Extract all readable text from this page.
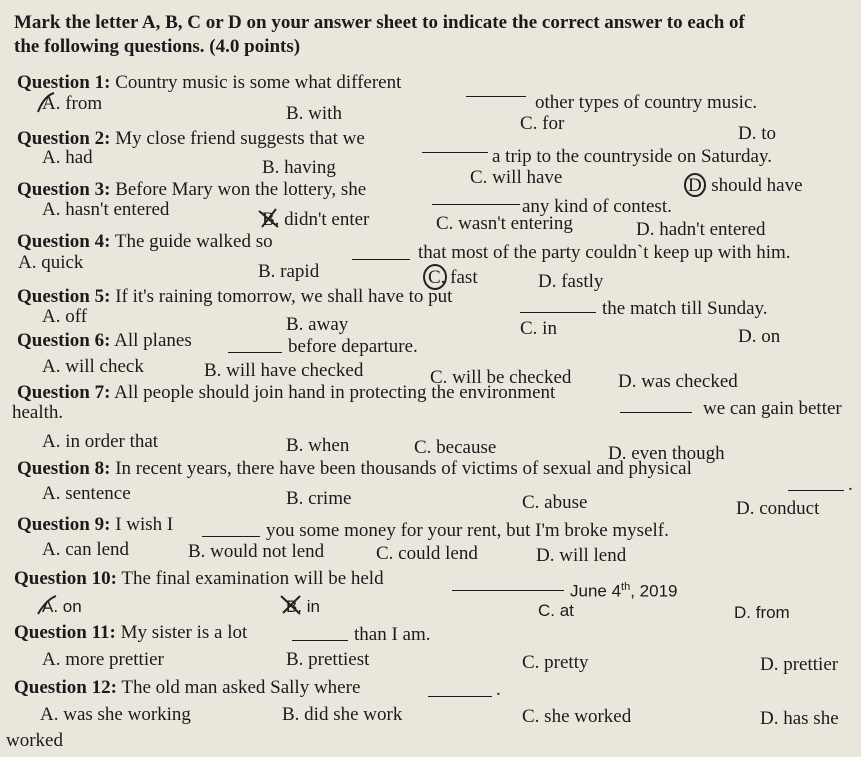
Mark the letter A, B, C or D on your answer sheet to indicate the correct answer to each of
the following questions. (4.0 points)
Question 1: Country music is some what different
other types of country music.
A. from	B. with	C. for	D. to
Question 2: My close friend suggests that we
a trip to the countryside on Saturday.
A. had	B. having	C. will have	D. should have
Question 3: Before Mary won the lottery, she
any kind of contest.
A. hasn't entered	B. didn't enter	C. wasn't entering	D. hadn't entered
Question 4: The guide walked so
that most of the party couldn`t keep up with him.
A. quick	B. rapid	C. fast	D. fastly
Question 5: If it's raining tomorrow, we shall have to put
the match till Sunday.
A. off	B. away	C. in	D. on
Question 6: All planes	before departure.
A. will check	B. will have checked	C. will be checked D. was checked
Question 7: All people should join hand in protecting the environment
we can gain better
health.
A. in order that	B. when	C. because	D. even though
Question 8: In recent years, there have been thousands of victims of sexual and physical
.
A. sentence	B. crime	C. abuse	D. conduct
Question 9: I wish I	you some money for your rent, but I'm broke myself.
A. can lend	B. would not lend	C. could lend	D. will lend
Question 10: The final examination will be held
June 4th, 2019
A. on	B. in	C. at	D. from
Question 11: My sister is a lot	than I am.
A. more prettier	B. prettiest	C. pretty	D. prettier
Question 12: The old man asked Sally where	.
A. was she working	B. did she work	C. she worked	D. has she
worked
